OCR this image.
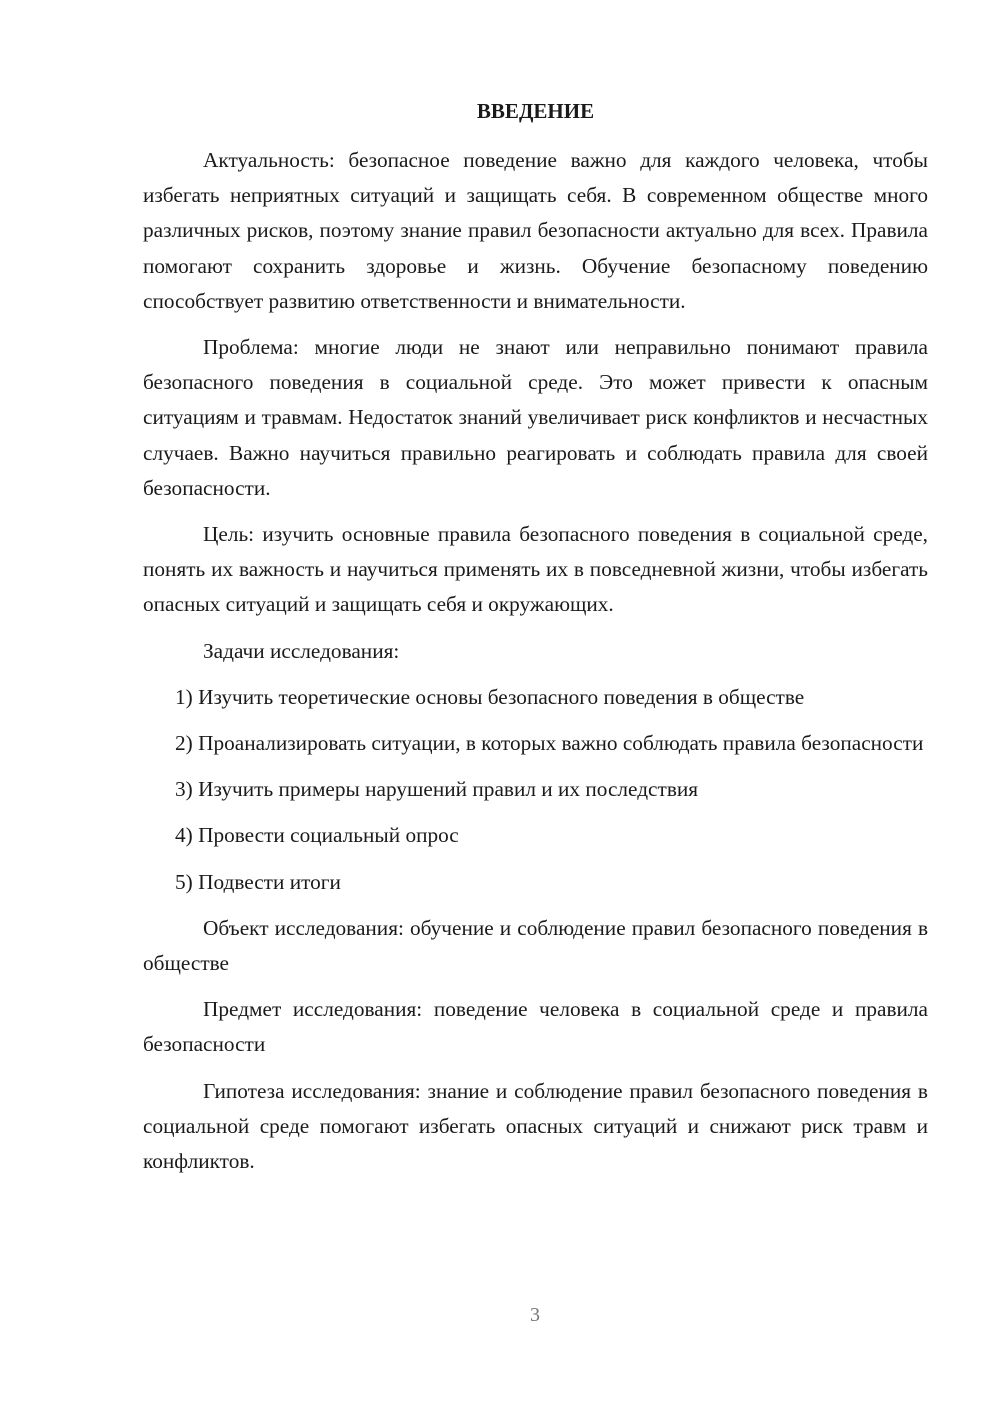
ВВЕДЕНИЕ

Актуальность: безопасное поведение важно для каждого человека, чтобы избегать неприятных ситуаций и защищать себя. В современном обществе много различных рисков, поэтому знание правил безопасности актуально для всех. Правила помогают сохранить здоровье и жизнь. Обучение безопасному поведению способствует развитию ответственности и внимательности.

Проблема: многие люди не знают или неправильно понимают правила безопасного поведения в социальной среде. Это может привести к опасным ситуациям и травмам. Недостаток знаний увеличивает риск конфликтов и несчастных случаев. Важно научиться правильно реагировать и соблюдать правила для своей безопасности.

Цель: изучить основные правила безопасного поведения в социальной среде, понять их важность и научиться применять их в повседневной жизни, чтобы избегать опасных ситуаций и защищать себя и окружающих.

Задачи исследования:

1) Изучить теоретические основы безопасного поведения в обществе

2) Проанализировать ситуации, в которых важно соблюдать правила безопасности

3) Изучить примеры нарушений правил и их последствия

4) Провести социальный опрос

5) Подвести итоги

Объект исследования: обучение и соблюдение правил безопасного поведения в обществе

Предмет исследования: поведение человека в социальной среде и правила безопасности

Гипотеза исследования: знание и соблюдение правил безопасного поведения в социальной среде помогают избегать опасных ситуаций и снижают риск травм и конфликтов.

3
